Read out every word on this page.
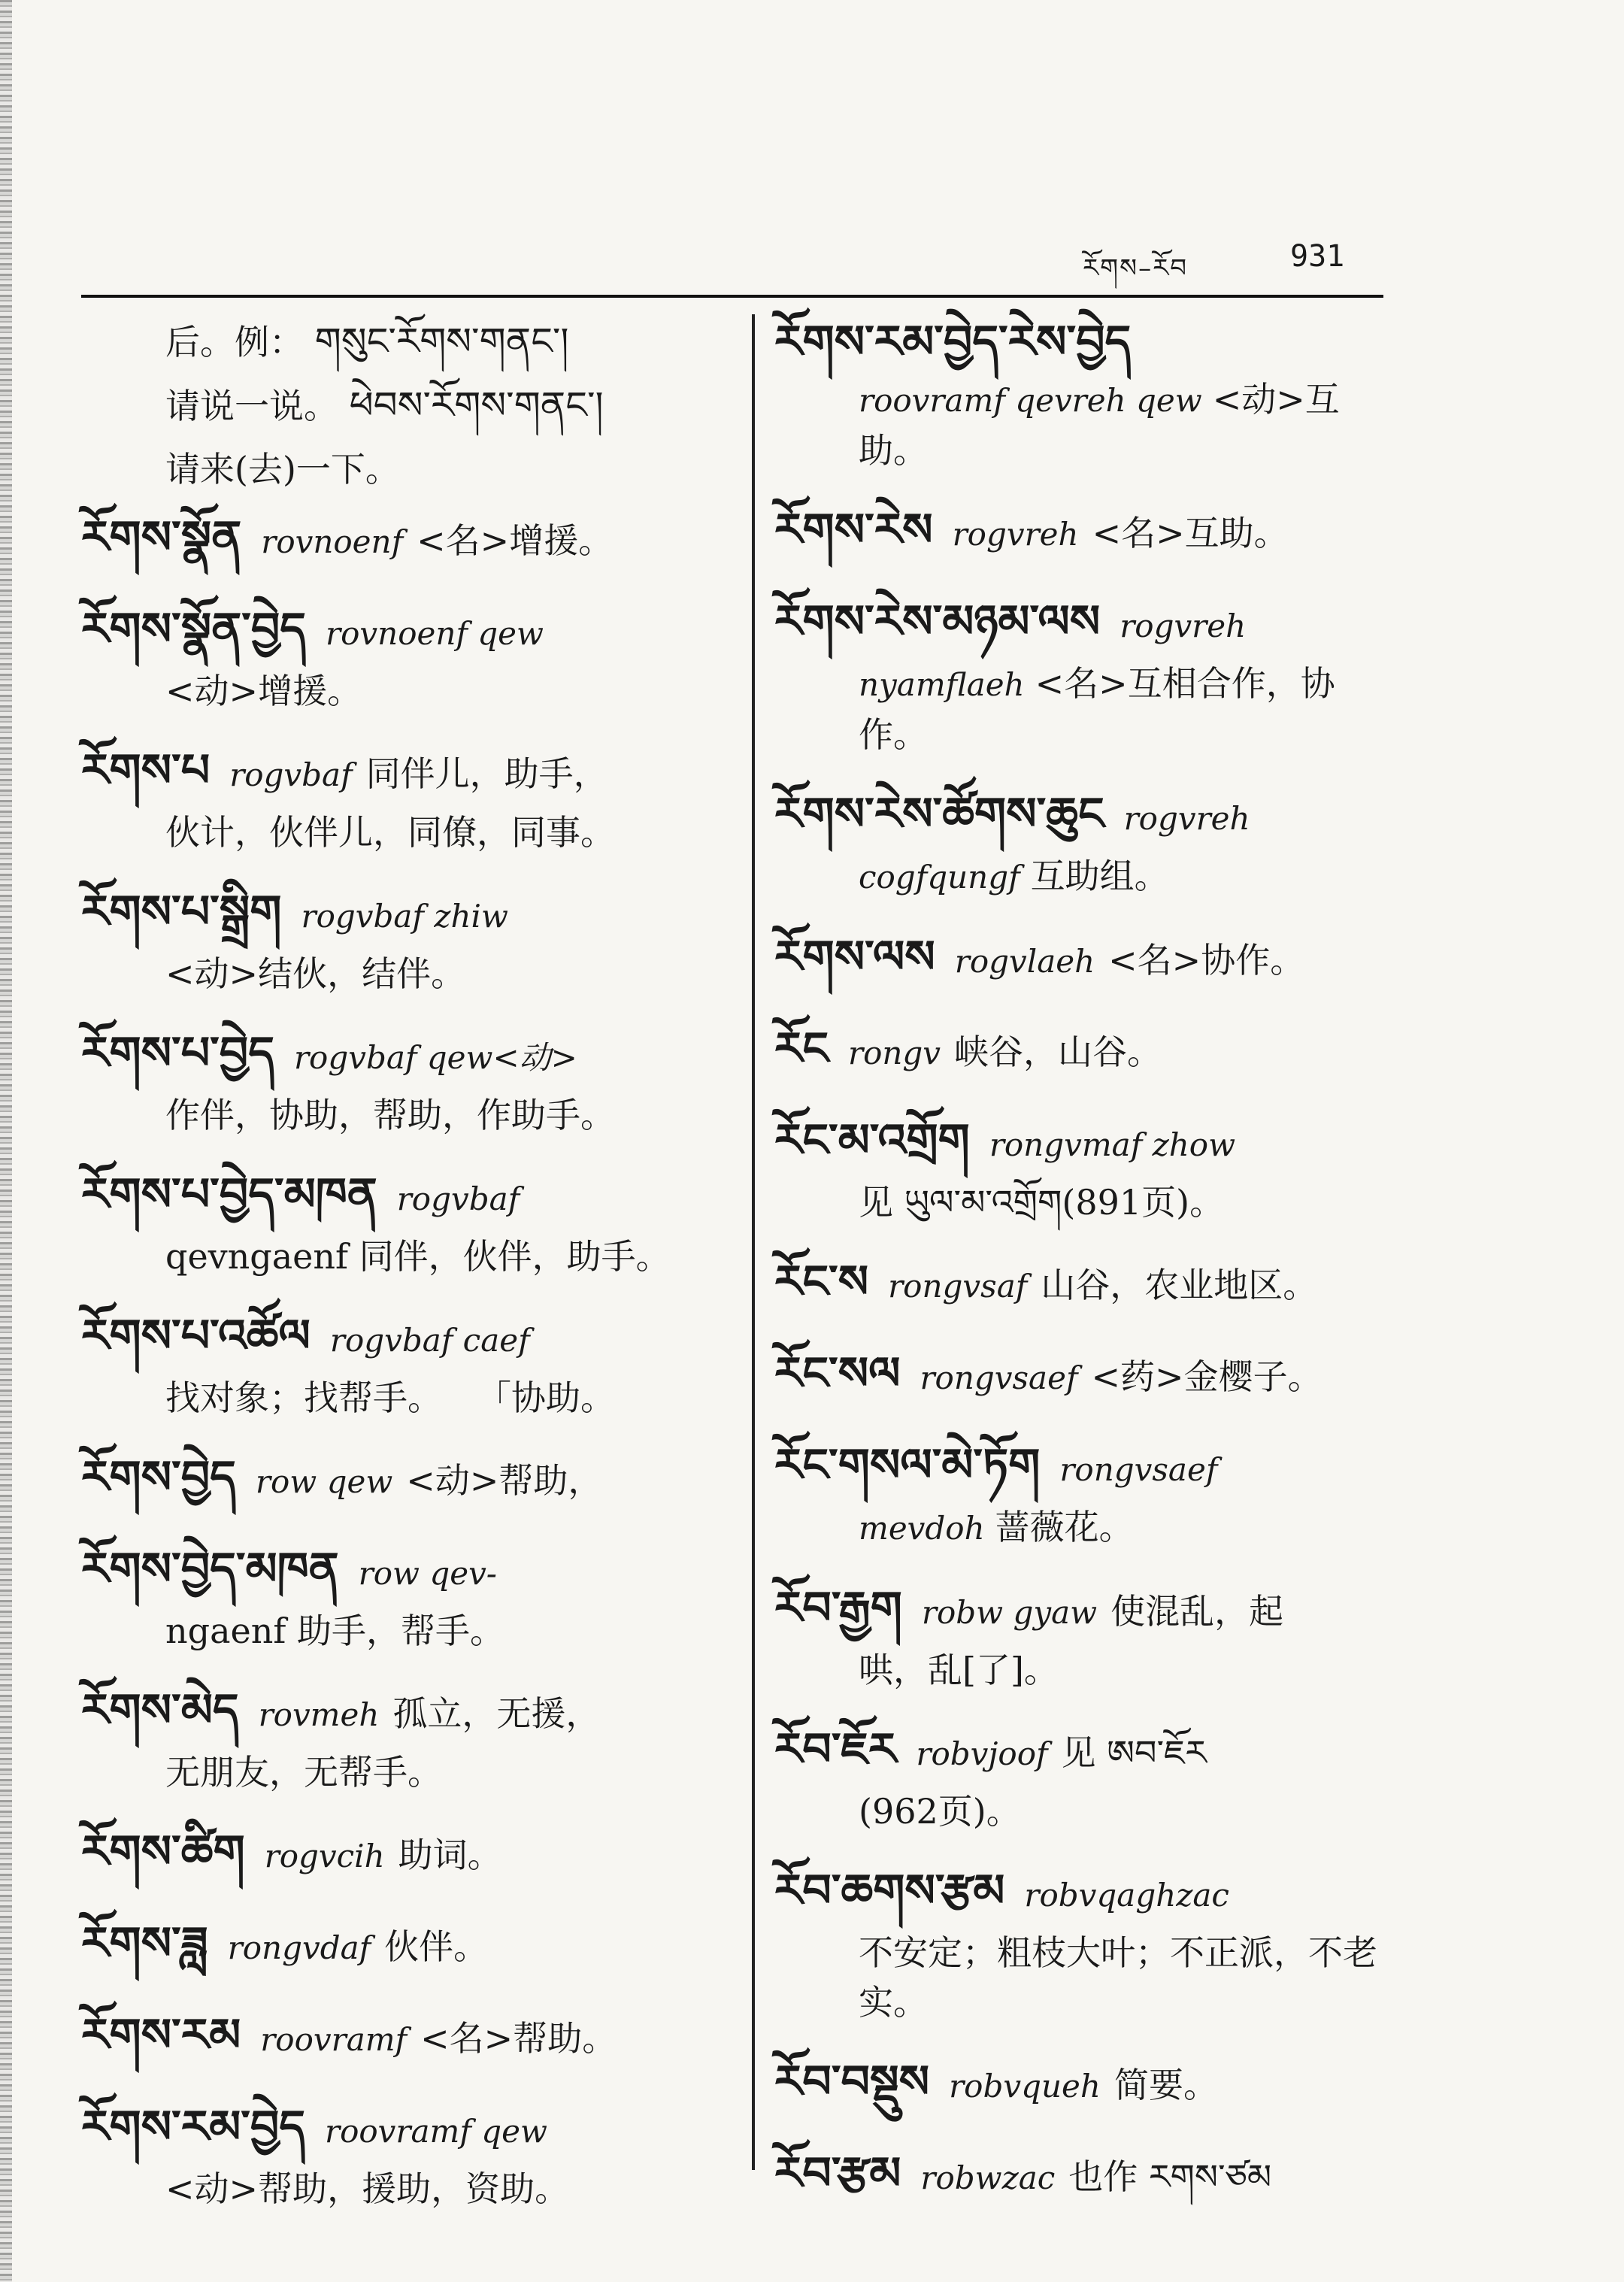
རོགས–རོབ	931
后。例： གསུང་རོགས་གནང་།
请说一说。 ཕེབས་རོགས་གནང་།
请来(去)一下。
རོགས་སྣོན rovnoenf <名>增援。
རོགས་སྣོན་བྱེད rovnoenf qew
<动>增援。
རོགས་པ rogvbaf 同伴儿，助手，
伙计，伙伴儿，同僚，同事。
རོགས་པ་སྒྲིག rogvbaf zhiw
<动>结伙，结伴。
རོགས་པ་བྱེད rogvbaf qew<动>
作伴，协助，帮助，作助手。
རོགས་པ་བྱེད་མཁན rogvbaf
qevngaenf 同伴，伙伴，助手。
རོགས་པ་འཚོལ rogvbaf caef
找对象；找帮手。　　「协助。
རོགས་བྱེད row qew <动>帮助，
རོགས་བྱེད་མཁན row qev-
ngaenf 助手，帮手。
རོགས་མེད rovmeh 孤立，无援，
无朋友，无帮手。
རོགས་ཚིག rogvcih 助词。
རོགས་ཟླ rongvdaf 伙伴。
རོགས་རམ roovramf <名>帮助。
རོགས་རམ་བྱེད roovramf qew
<动>帮助，援助，资助。
རོགས་རམ་བྱེད་རེས་བྱེད
roovramf qevreh qew <动>互助。
རོགས་རེས rogvreh <名>互助。
རོགས་རེས་མཉམ་ལས rogvreh
nyamflaeh <名>互相合作，协作。
རོགས་རེས་ཚོགས་ཆུང rogvreh
cogfqungf 互助组。
རོགས་ལས rogvlaeh <名>协作。
རོང rongv 峡谷，山谷。
རོང་མ་འགྲོག rongvmaf zhow
见 ཡུལ་མ་འགྲོག(891页)。
རོང་ས rongvsaf 山谷，农业地区。
རོང་སལ rongvsaef <药>金樱子。
རོང་གསལ་མེ་ཏོག rongvsaef
mevdoh 蔷薇花。
རོབ་རྒྱག robw gyaw 使混乱，起
哄，乱[了]。
རོབ་ཇོར robvjoof 见 ཨབ་ཇོར
(962页)。
རོབ་ཆགས་རྩམ robvqaghzac
不安定；粗枝大叶；不正派，不老实。
རོབ་བསྡུས robvqueh 简要。
རོབ་རྩམ robwzac 也作 རགས་ཙམ
